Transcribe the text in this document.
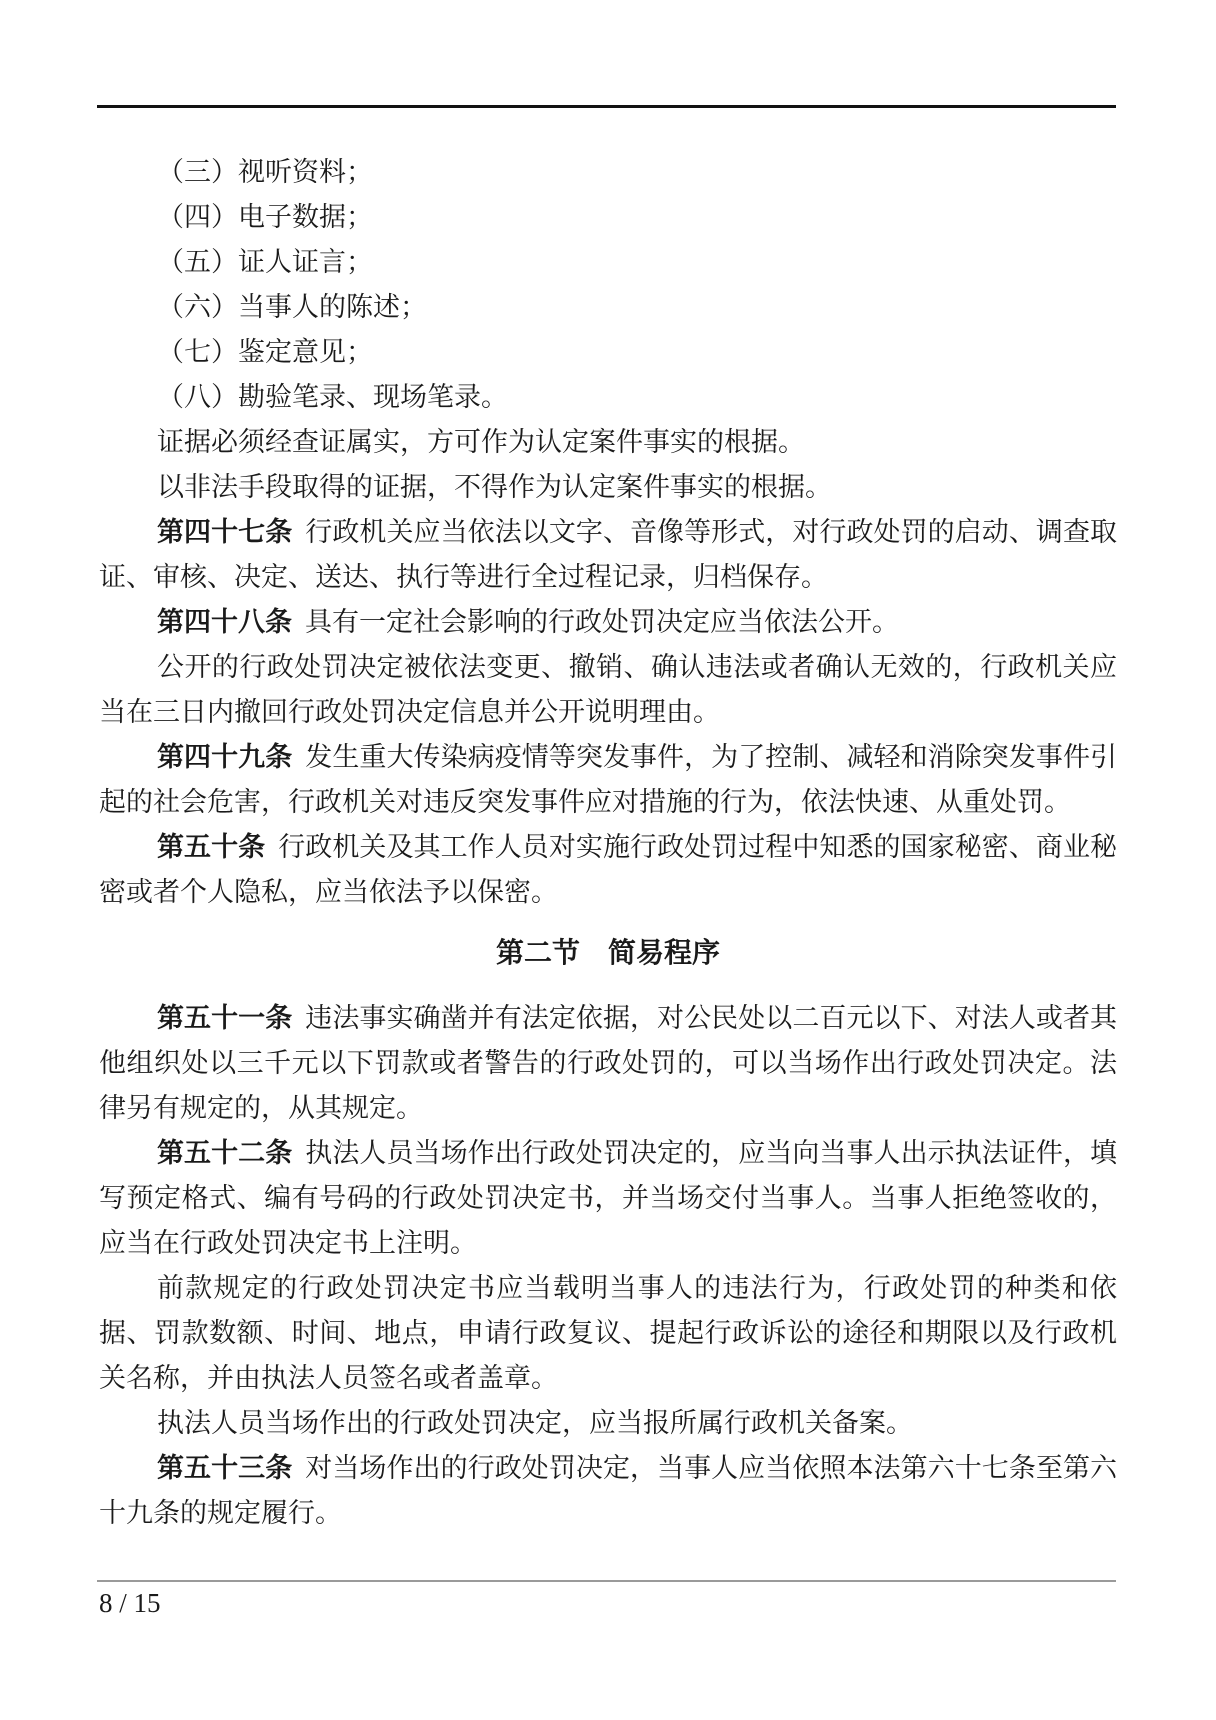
（三）视听资料；

（四）电子数据；

（五）证人证言；

（六）当事人的陈述；

（七）鉴定意见；

（八）勘验笔录、现场笔录。

证据必须经查证属实，方可作为认定案件事实的根据。

以非法手段取得的证据，不得作为认定案件事实的根据。

第四十七条 行政机关应当依法以文字、音像等形式，对行政处罚的启动、调查取证、审核、决定、送达、执行等进行全过程记录，归档保存。

第四十八条 具有一定社会影响的行政处罚决定应当依法公开。

公开的行政处罚决定被依法变更、撤销、确认违法或者确认无效的，行政机关应当在三日内撤回行政处罚决定信息并公开说明理由。

第四十九条 发生重大传染病疫情等突发事件，为了控制、减轻和消除突发事件引起的社会危害，行政机关对违反突发事件应对措施的行为，依法快速、从重处罚。

第五十条 行政机关及其工作人员对实施行政处罚过程中知悉的国家秘密、商业秘密或者个人隐私，应当依法予以保密。

第二节　简易程序

第五十一条 违法事实确凿并有法定依据，对公民处以二百元以下、对法人或者其他组织处以三千元以下罚款或者警告的行政处罚的，可以当场作出行政处罚决定。法律另有规定的，从其规定。

第五十二条 执法人员当场作出行政处罚决定的，应当向当事人出示执法证件，填写预定格式、编有号码的行政处罚决定书，并当场交付当事人。当事人拒绝签收的，应当在行政处罚决定书上注明。

前款规定的行政处罚决定书应当载明当事人的违法行为，行政处罚的种类和依据、罚款数额、时间、地点，申请行政复议、提起行政诉讼的途径和期限以及行政机关名称，并由执法人员签名或者盖章。

执法人员当场作出的行政处罚决定，应当报所属行政机关备案。

第五十三条 对当场作出的行政处罚决定，当事人应当依照本法第六十七条至第六十九条的规定履行。

8 / 15
